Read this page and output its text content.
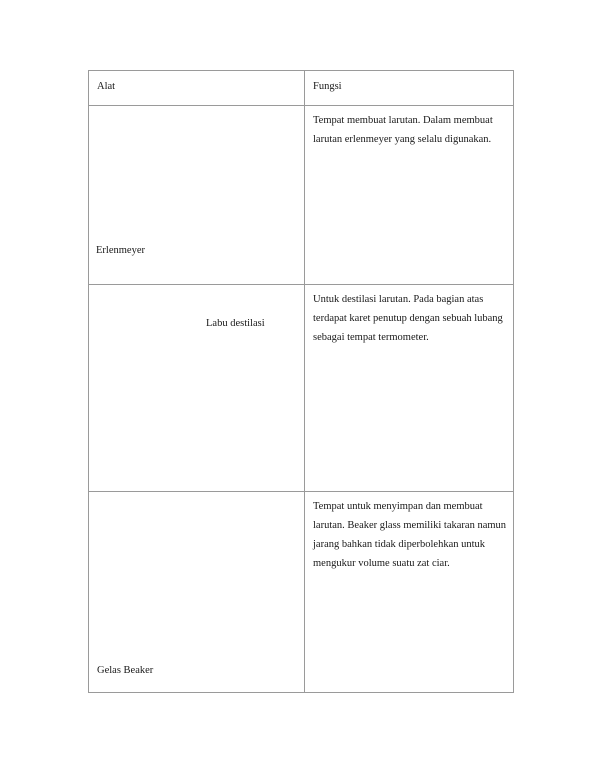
Alat	Fungsi

Erlenmeyer	Tempat membuat larutan. Dalam membuat larutan erlenmeyer yang selalu digunakan.

Labu destilasi	Untuk destilasi larutan. Pada bagian atas terdapat karet penutup dengan sebuah lubang sebagai tempat termometer.

Gelas Beaker	Tempat untuk menyimpan dan membuat larutan. Beaker glass memiliki takaran namun jarang bahkan tidak diperbolehkan untuk mengukur volume suatu zat ciar.
